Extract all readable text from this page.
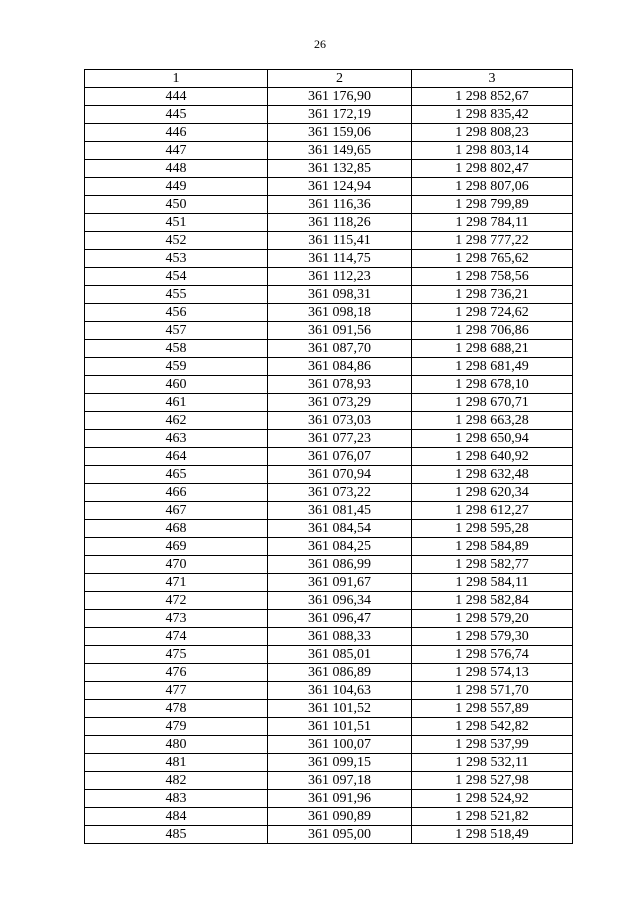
26
1	2	3
444	361 176,90	1 298 852,67
445	361 172,19	1 298 835,42
446	361 159,06	1 298 808,23
447	361 149,65	1 298 803,14
448	361 132,85	1 298 802,47
449	361 124,94	1 298 807,06
450	361 116,36	1 298 799,89
451	361 118,26	1 298 784,11
452	361 115,41	1 298 777,22
453	361 114,75	1 298 765,62
454	361 112,23	1 298 758,56
455	361 098,31	1 298 736,21
456	361 098,18	1 298 724,62
457	361 091,56	1 298 706,86
458	361 087,70	1 298 688,21
459	361 084,86	1 298 681,49
460	361 078,93	1 298 678,10
461	361 073,29	1 298 670,71
462	361 073,03	1 298 663,28
463	361 077,23	1 298 650,94
464	361 076,07	1 298 640,92
465	361 070,94	1 298 632,48
466	361 073,22	1 298 620,34
467	361 081,45	1 298 612,27
468	361 084,54	1 298 595,28
469	361 084,25	1 298 584,89
470	361 086,99	1 298 582,77
471	361 091,67	1 298 584,11
472	361 096,34	1 298 582,84
473	361 096,47	1 298 579,20
474	361 088,33	1 298 579,30
475	361 085,01	1 298 576,74
476	361 086,89	1 298 574,13
477	361 104,63	1 298 571,70
478	361 101,52	1 298 557,89
479	361 101,51	1 298 542,82
480	361 100,07	1 298 537,99
481	361 099,15	1 298 532,11
482	361 097,18	1 298 527,98
483	361 091,96	1 298 524,92
484	361 090,89	1 298 521,82
485	361 095,00	1 298 518,49
